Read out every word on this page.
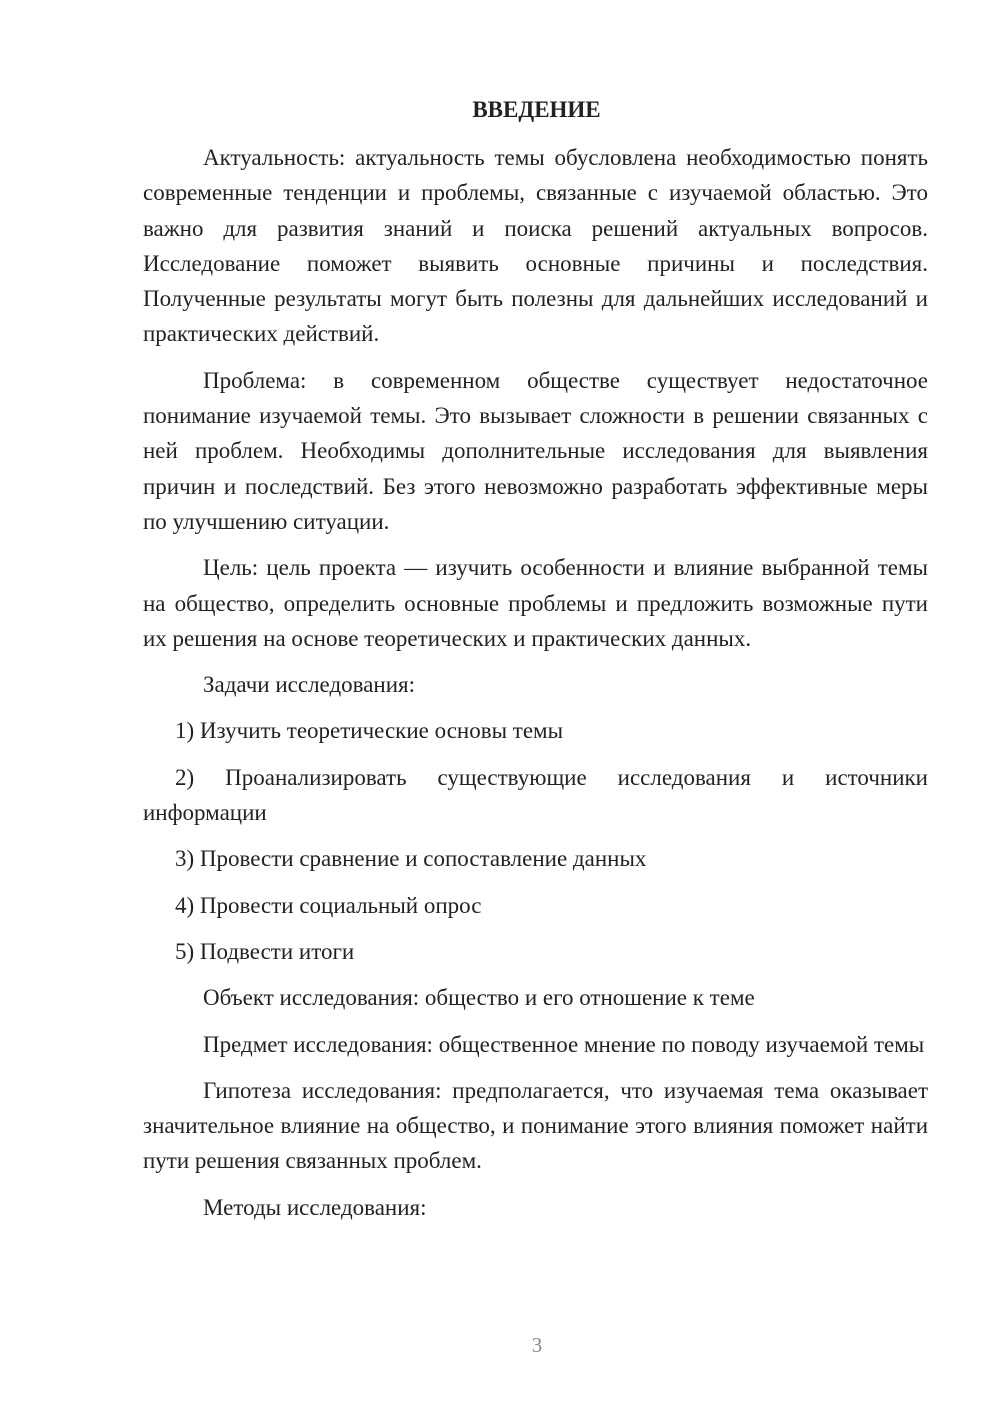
ВВЕДЕНИЕ

Актуальность: актуальность темы обусловлена необходимостью понять современные тенденции и проблемы, связанные с изучаемой областью. Это важно для развития знаний и поиска решений актуальных вопросов. Исследование поможет выявить основные причины и последствия. Полученные результаты могут быть полезны для дальнейших исследований и практических действий.

Проблема: в современном обществе существует недостаточное понимание изучаемой темы. Это вызывает сложности в решении связанных с ней проблем. Необходимы дополнительные исследования для выявления причин и последствий. Без этого невозможно разработать эффективные меры по улучшению ситуации.

Цель: цель проекта — изучить особенности и влияние выбранной темы на общество, определить основные проблемы и предложить возможные пути их решения на основе теоретических и практических данных.

Задачи исследования:

1) Изучить теоретические основы темы

2) Проанализировать существующие исследования и источники информации

3) Провести сравнение и сопоставление данных

4) Провести социальный опрос

5) Подвести итоги

Объект исследования: общество и его отношение к теме

Предмет исследования: общественное мнение по поводу изучаемой темы

Гипотеза исследования: предполагается, что изучаемая тема оказывает значительное влияние на общество, и понимание этого влияния поможет найти пути решения связанных проблем.

Методы исследования:

3
